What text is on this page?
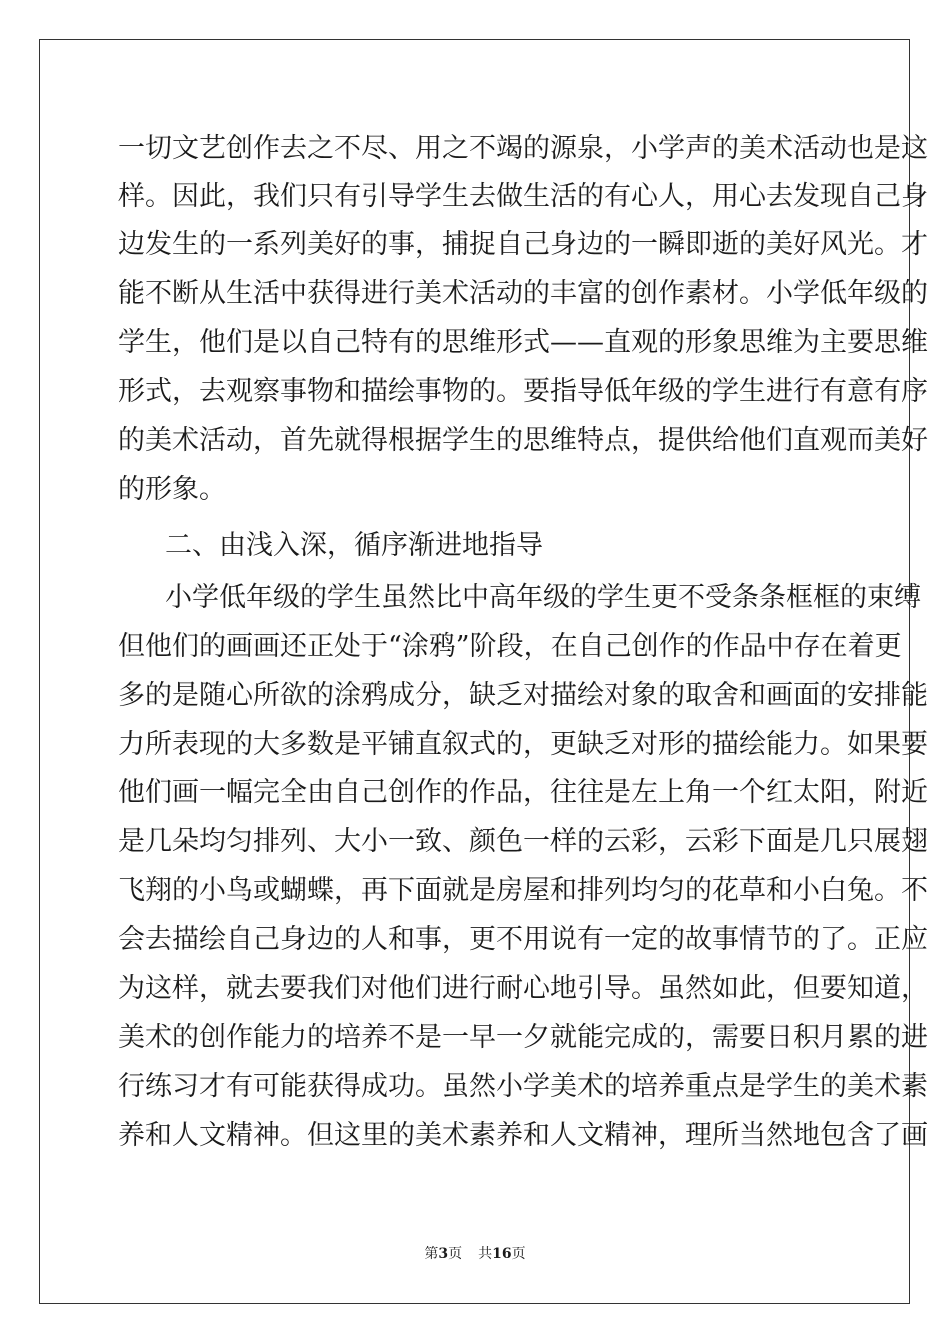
一切文艺创作去之不尽、用之不竭的源泉，小学声的美术活动也是这
样。因此，我们只有引导学生去做生活的有心人，用心去发现自己身
边发生的一系列美好的事，捕捉自己身边的一瞬即逝的美好风光。才
能不断从生活中获得进行美术活动的丰富的创作素材。小学低年级的
学生，他们是以自己特有的思维形式——直观的形象思维为主要思维
形式，去观察事物和描绘事物的。要指导低年级的学生进行有意有序
的美术活动，首先就得根据学生的思维特点，提供给他们直观而美好
的形象。
二、由浅入深，循序渐进地指导
小学低年级的学生虽然比中高年级的学生更不受条条框框的束缚
但他们的画画还正处于“涂鸦”阶段，在自己创作的作品中存在着更
多的是随心所欲的涂鸦成分，缺乏对描绘对象的取舍和画面的安排能
力所表现的大多数是平铺直叙式的，更缺乏对形的描绘能力。如果要
他们画一幅完全由自己创作的作品，往往是左上角一个红太阳，附近
是几朵均匀排列、大小一致、颜色一样的云彩，云彩下面是几只展翅
飞翔的小鸟或蝴蝶，再下面就是房屋和排列均匀的花草和小白兔。不
会去描绘自己身边的人和事，更不用说有一定的故事情节的了。正应
为这样，就去要我们对他们进行耐心地引导。虽然如此，但要知道，
美术的创作能力的培养不是一早一夕就能完成的，需要日积月累的进
行练习才有可能获得成功。虽然小学美术的培养重点是学生的美术素
养和人文精神。但这里的美术素养和人文精神，理所当然地包含了画
第3页 共16页
